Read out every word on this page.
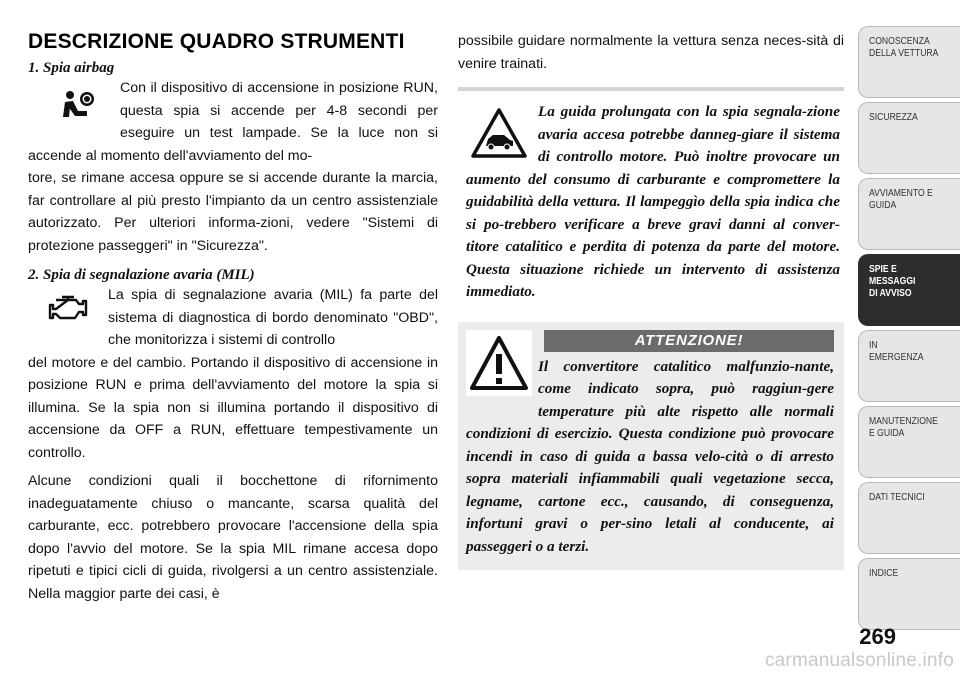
DESCRIZIONE QUADRO STRUMENTI
1. Spia airbag

Con il dispositivo di accensione in posizione RUN, questa spia si accende per 4-8 secondi per eseguire un test lampade. Se la luce non si accende al momento dell'avviamento del mo-

tore, se rimane accesa oppure se si accende durante la marcia, far controllare al più presto l'impianto da un centro assistenziale autorizzato. Per ulteriori informa-zioni, vedere "Sistemi di protezione passeggeri" in "Sicurezza".

2. Spia di segnalazione avaria (MIL)

La spia di segnalazione avaria (MIL) fa parte del sistema di diagnostica di bordo denominato "OBD", che monitorizza i sistemi di controllo

del motore e del cambio. Portando il dispositivo di accensione in posizione RUN e prima dell'avviamento del motore la spia si illumina. Se la spia non si illumina portando il dispositivo di accensione da OFF a RUN, effettuare tempestivamente un controllo.

Alcune condizioni quali il bocchettone di rifornimento inadeguatamente chiuso o mancante, scarsa qualità del carburante, ecc. potrebbero provocare l'accensione della spia dopo l'avvio del motore. Se la spia MIL rimane accesa dopo ripetuti e tipici cicli di guida, rivolgersi a un centro assistenziale. Nella maggior parte dei casi, è

possibile guidare normalmente la vettura senza neces-sità di venire trainati.

La guida prolungata con la spia segnala-zione avaria accesa potrebbe danneg-giare il sistema di controllo motore. Può inoltre provocare un aumento del consumo di carburante e compromettere la guidabilità della vettura. Il lampeggìo della spia indica che si po-trebbero verificare a breve gravi danni al conver-titore catalitico e perdita di potenza da parte del motore. Questa situazione richiede un intervento di assistenza immediato.

ATTENZIONE!

Il convertitore catalitico malfunzio-nante, come indicato sopra, può raggiun-gere temperature più alte rispetto alle normali condizioni di esercizio. Questa condizione può provocare incendi in caso di guida a bassa velo-cità o di arresto sopra materiali infiammabili quali vegetazione secca, legname, cartone ecc., causando, di conseguenza, infortuni gravi o per-sino letali al conducente, ai passeggeri o a terzi.

CONOSCENZA
DELLA VETTURA
SICUREZZA
AVVIAMENTO E
GUIDA
SPIE E
MESSAGGI
DI AVVISO
IN
EMERGENZA
MANUTENZIONE
E GUIDA
DATI TECNICI
INDICE
269
carmanualsonline.info
